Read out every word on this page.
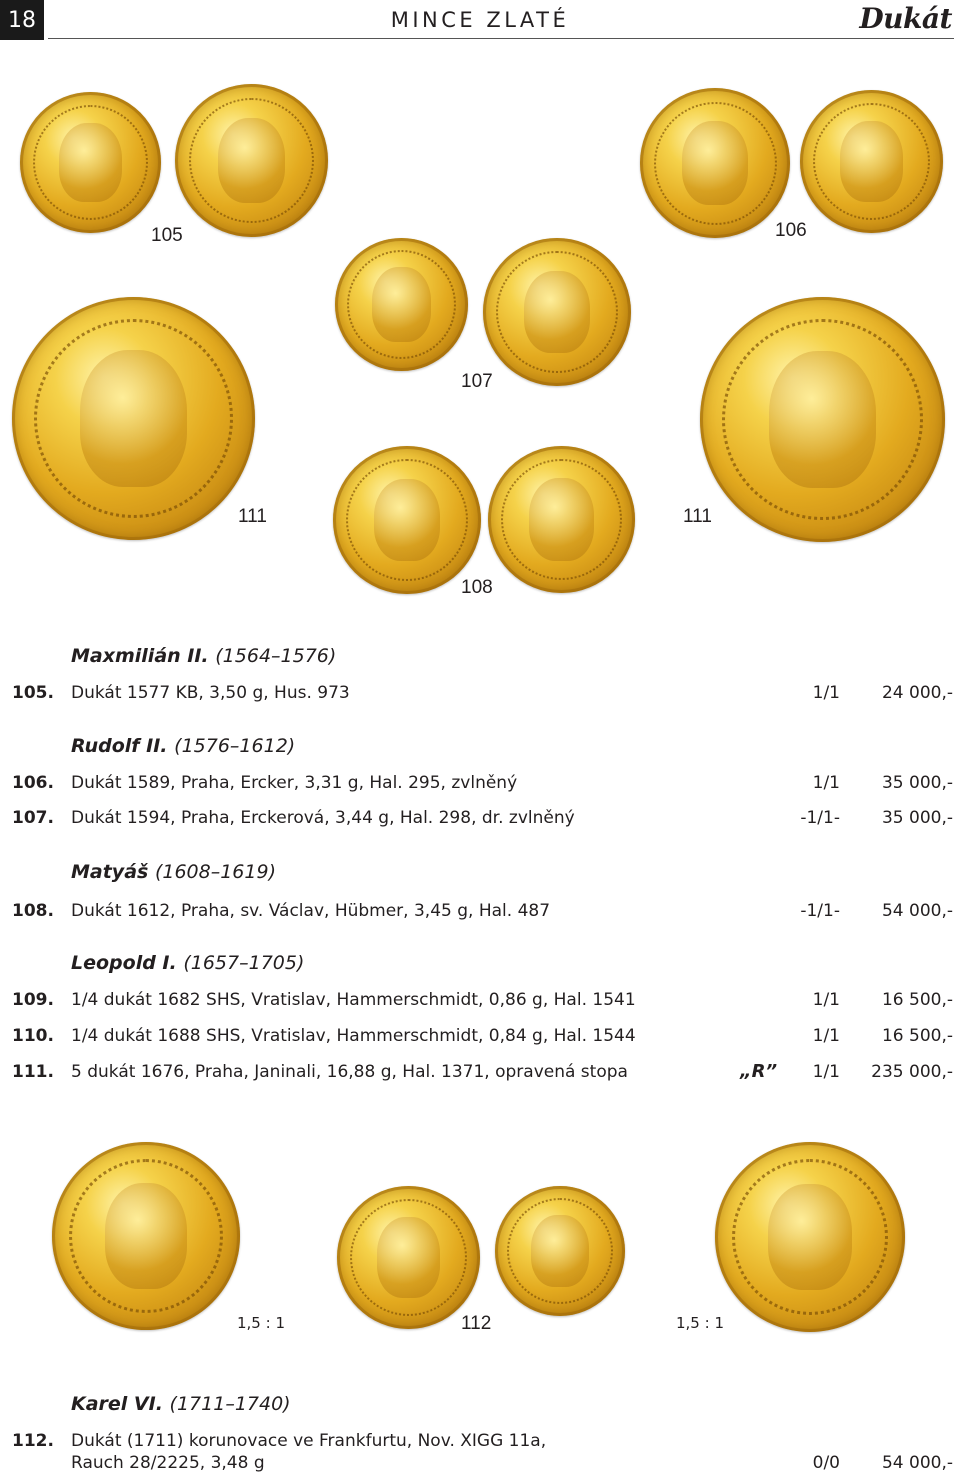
18	MINCE ZLATÉ	Dukát
105	106
107
111	111
108
Maxmilián II. (1564–1576)
105. Dukát 1577 KB, 3,50 g, Hus. 973	1/1 24 000,-
Rudolf II. (1576–1612)
106. Dukát 1589, Praha, Ercker, 3,31 g, Hal. 295, zvlněný	1/1 35 000,-
107. Dukát 1594, Praha, Erckerová, 3,44 g, Hal. 298, dr. zvlněný	-1/1- 35 000,-
Matyáš (1608–1619)
108. Dukát 1612, Praha, sv. Václav, Hübmer, 3,45 g, Hal. 487	-1/1- 54 000,-
Leopold I. (1657–1705)
109. 1/4 dukát 1682 SHS, Vratislav, Hammerschmidt, 0,86 g, Hal. 1541	1/1 16 500,-
110. 1/4 dukát 1688 SHS, Vratislav, Hammerschmidt, 0,84 g, Hal. 1544	1/1 16 500,-
111. 5 dukát 1676, Praha, Janinali, 16,88 g, Hal. 1371, opravená stopa	„R”	1/1 235 000,-
1,5 : 1	112	1,5 : 1
Karel VI. (1711–1740)
112. Dukát (1711) korunovace ve Frankfurtu, Nov. XIGG 11a,
Rauch 28/2225, 3,48 g	0/0 54 000,-
